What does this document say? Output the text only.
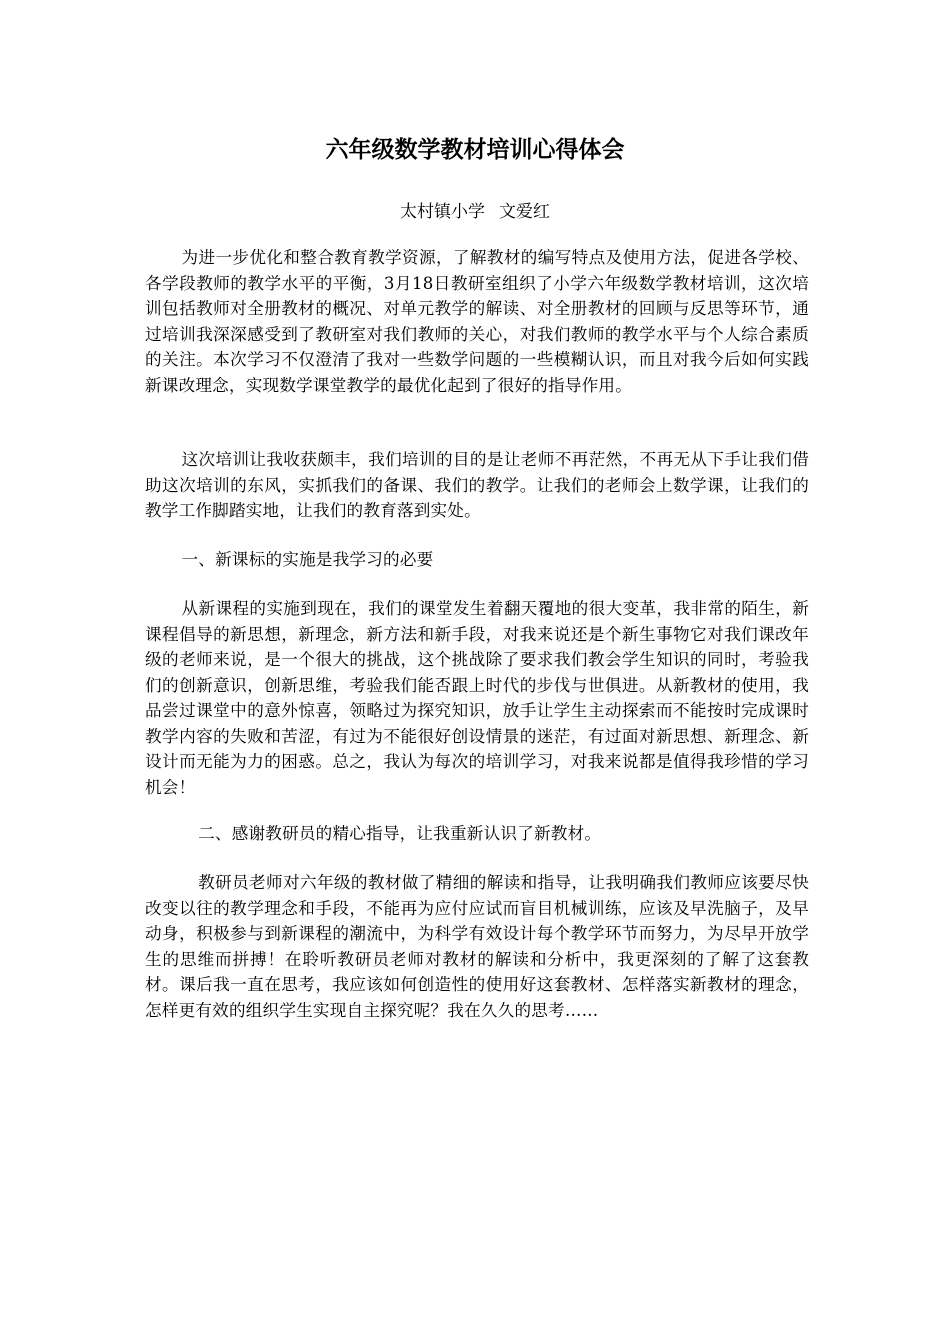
六年级数学教材培训心得体会

太村镇小学 文爱红

为进一步优化和整合教育教学资源，了解教材的编写特点及使用方法，促进各学校、各学段教师的教学水平的平衡，3月18日教研室组织了小学六年级数学教材培训，这次培训包括教师对全册教材的概况、对单元教学的解读、对全册教材的回顾与反思等环节，通过培训我深深感受到了教研室对我们教师的关心，对我们教师的教学水平与个人综合素质的关注。本次学习不仅澄清了我对一些数学问题的一些模糊认识，而且对我今后如何实践新课改理念，实现数学课堂教学的最优化起到了很好的指导作用。

这次培训让我收获颇丰，我们培训的目的是让老师不再茫然，不再无从下手让我们借助这次培训的东风，实抓我们的备课、我们的教学。让我们的老师会上数学课，让我们的教学工作脚踏实地，让我们的教育落到实处。

一、新课标的实施是我学习的必要

从新课程的实施到现在，我们的课堂发生着翻天覆地的很大变革，我非常的陌生，新课程倡导的新思想，新理念，新方法和新手段，对我来说还是个新生事物它对我们课改年级的老师来说，是一个很大的挑战，这个挑战除了要求我们教会学生知识的同时，考验我们的创新意识，创新思维，考验我们能否跟上时代的步伐与世俱进。从新教材的使用，我品尝过课堂中的意外惊喜，领略过为探究知识，放手让学生主动探索而不能按时完成课时教学内容的失败和苦涩，有过为不能很好创设情景的迷茫，有过面对新思想、新理念、新设计而无能为力的困惑。总之，我认为每次的培训学习，对我来说都是值得我珍惜的学习机会！

二、感谢教研员的精心指导，让我重新认识了新教材。

教研员老师对六年级的教材做了精细的解读和指导，让我明确我们教师应该要尽快改变以往的教学理念和手段，不能再为应付应试而盲目机械训练，应该及早洗脑子，及早动身，积极参与到新课程的潮流中，为科学有效设计每个教学环节而努力，为尽早开放学生的思维而拼搏！在聆听教研员老师对教材的解读和分析中，我更深刻的了解了这套教材。课后我一直在思考，我应该如何创造性的使用好这套教材、怎样落实新教材的理念，怎样更有效的组织学生实现自主探究呢？我在久久的思考……
